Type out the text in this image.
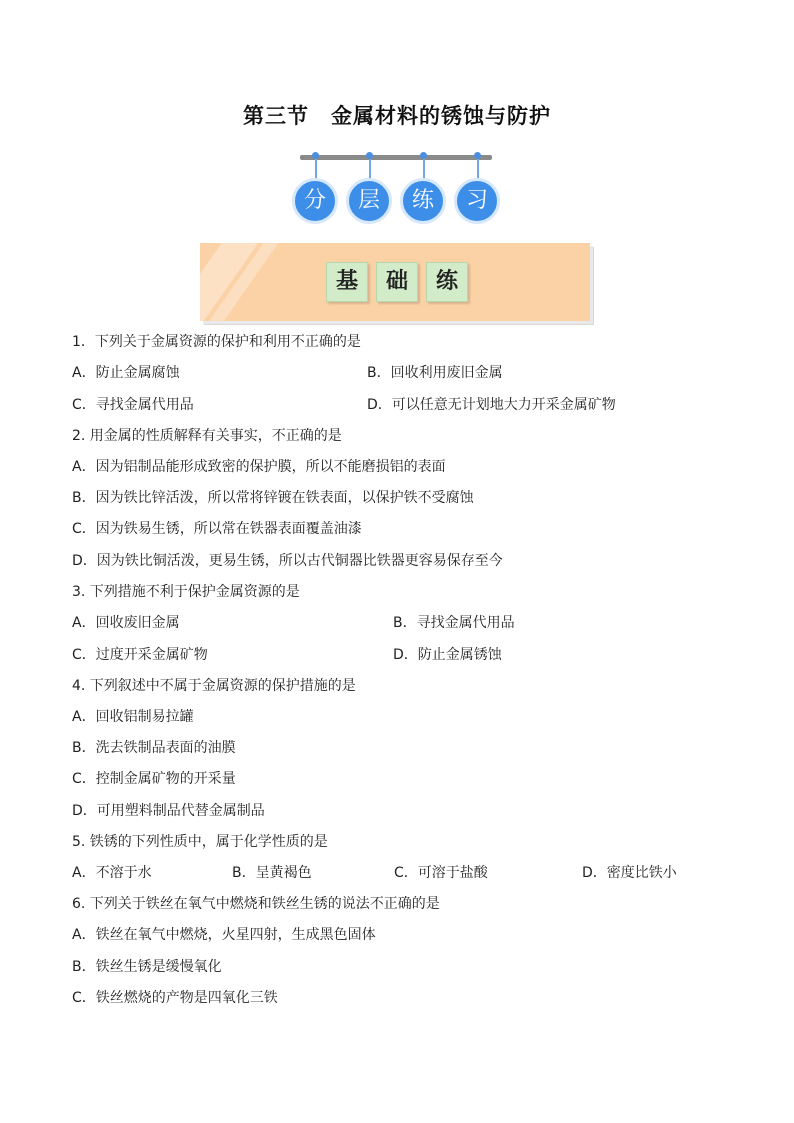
第三节 金属材料的锈蚀与防护
分	层	练	习
基	础	练
1．下列关于金属资源的保护和利用不正确的是
A．防止金属腐蚀	B．回收利用废旧金属
C．寻找金属代用品	D．可以任意无计划地大力开采金属矿物
2. 用金属的性质解释有关事实，不正确的是
A．因为铝制品能形成致密的保护膜，所以不能磨损铝的表面
B．因为铁比锌活泼，所以常将锌镀在铁表面，以保护铁不受腐蚀
C．因为铁易生锈，所以常在铁器表面覆盖油漆
D．因为铁比铜活泼，更易生锈，所以古代铜器比铁器更容易保存至今
3. 下列措施不利于保护金属资源的是
A．回收废旧金属	B．寻找金属代用品
C．过度开采金属矿物	D．防止金属锈蚀
4. 下列叙述中不属于金属资源的保护措施的是
A．回收铝制易拉罐
B．洗去铁制品表面的油膜
C．控制金属矿物的开采量
D．可用塑料制品代替金属制品
5. 铁锈的下列性质中，属于化学性质的是
A．不溶于水	B．呈黄褐色	C．可溶于盐酸	D．密度比铁小
6. 下列关于铁丝在氧气中燃烧和铁丝生锈的说法不正确的是
A．铁丝在氧气中燃烧，火星四射，生成黑色固体
B．铁丝生锈是缓慢氧化
C．铁丝燃烧的产物是四氧化三铁
